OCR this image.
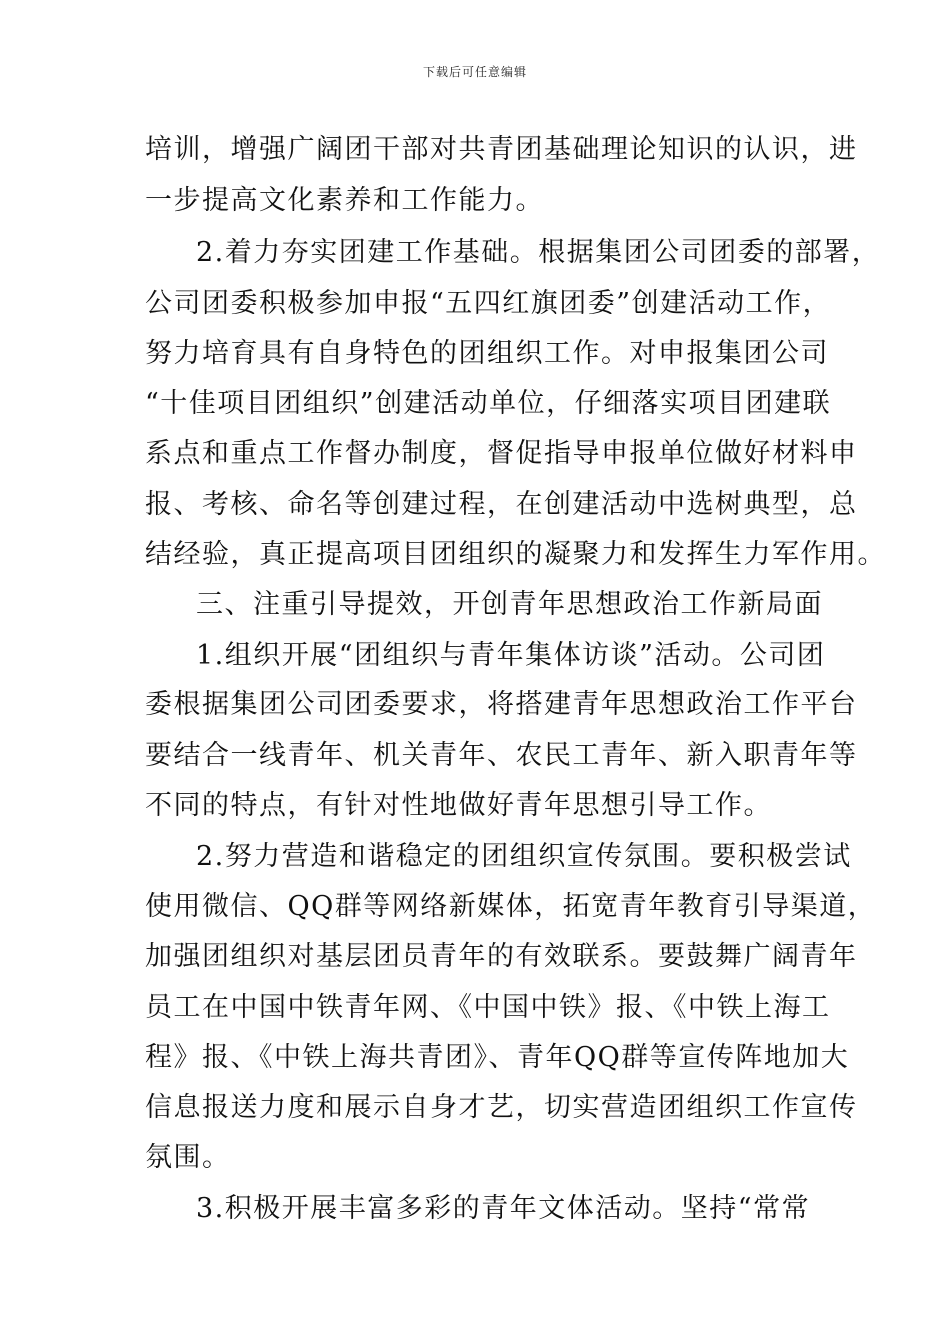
下载后可任意编辑
培训，增强广阔团干部对共青团基础理论知识的认识，进
一步提高文化素养和工作能力。
2.着力夯实团建工作基础。根据集团公司团委的部署，
公司团委积极参加申报“五四红旗团委”创建活动工作，
努力培育具有自身特色的团组织工作。对申报集团公司
“十佳项目团组织”创建活动单位，仔细落实项目团建联
系点和重点工作督办制度，督促指导申报单位做好材料申
报、考核、命名等创建过程，在创建活动中选树典型，总
结经验，真正提高项目团组织的凝聚力和发挥生力军作用。
三、注重引导提效，开创青年思想政治工作新局面
1.组织开展“团组织与青年集体访谈”活动。公司团
委根据集团公司团委要求，将搭建青年思想政治工作平台
要结合一线青年、机关青年、农民工青年、新入职青年等
不同的特点，有针对性地做好青年思想引导工作。
2.努力营造和谐稳定的团组织宣传氛围。要积极尝试
使用微信、QQ群等网络新媒体，拓宽青年教育引导渠道，
加强团组织对基层团员青年的有效联系。要鼓舞广阔青年
员工在中国中铁青年网、《中国中铁》报、《中铁上海工
程》报、《中铁上海共青团》、青年QQ群等宣传阵地加大
信息报送力度和展示自身才艺，切实营造团组织工作宣传
氛围。
3.积极开展丰富多彩的青年文体活动。坚持“常常
